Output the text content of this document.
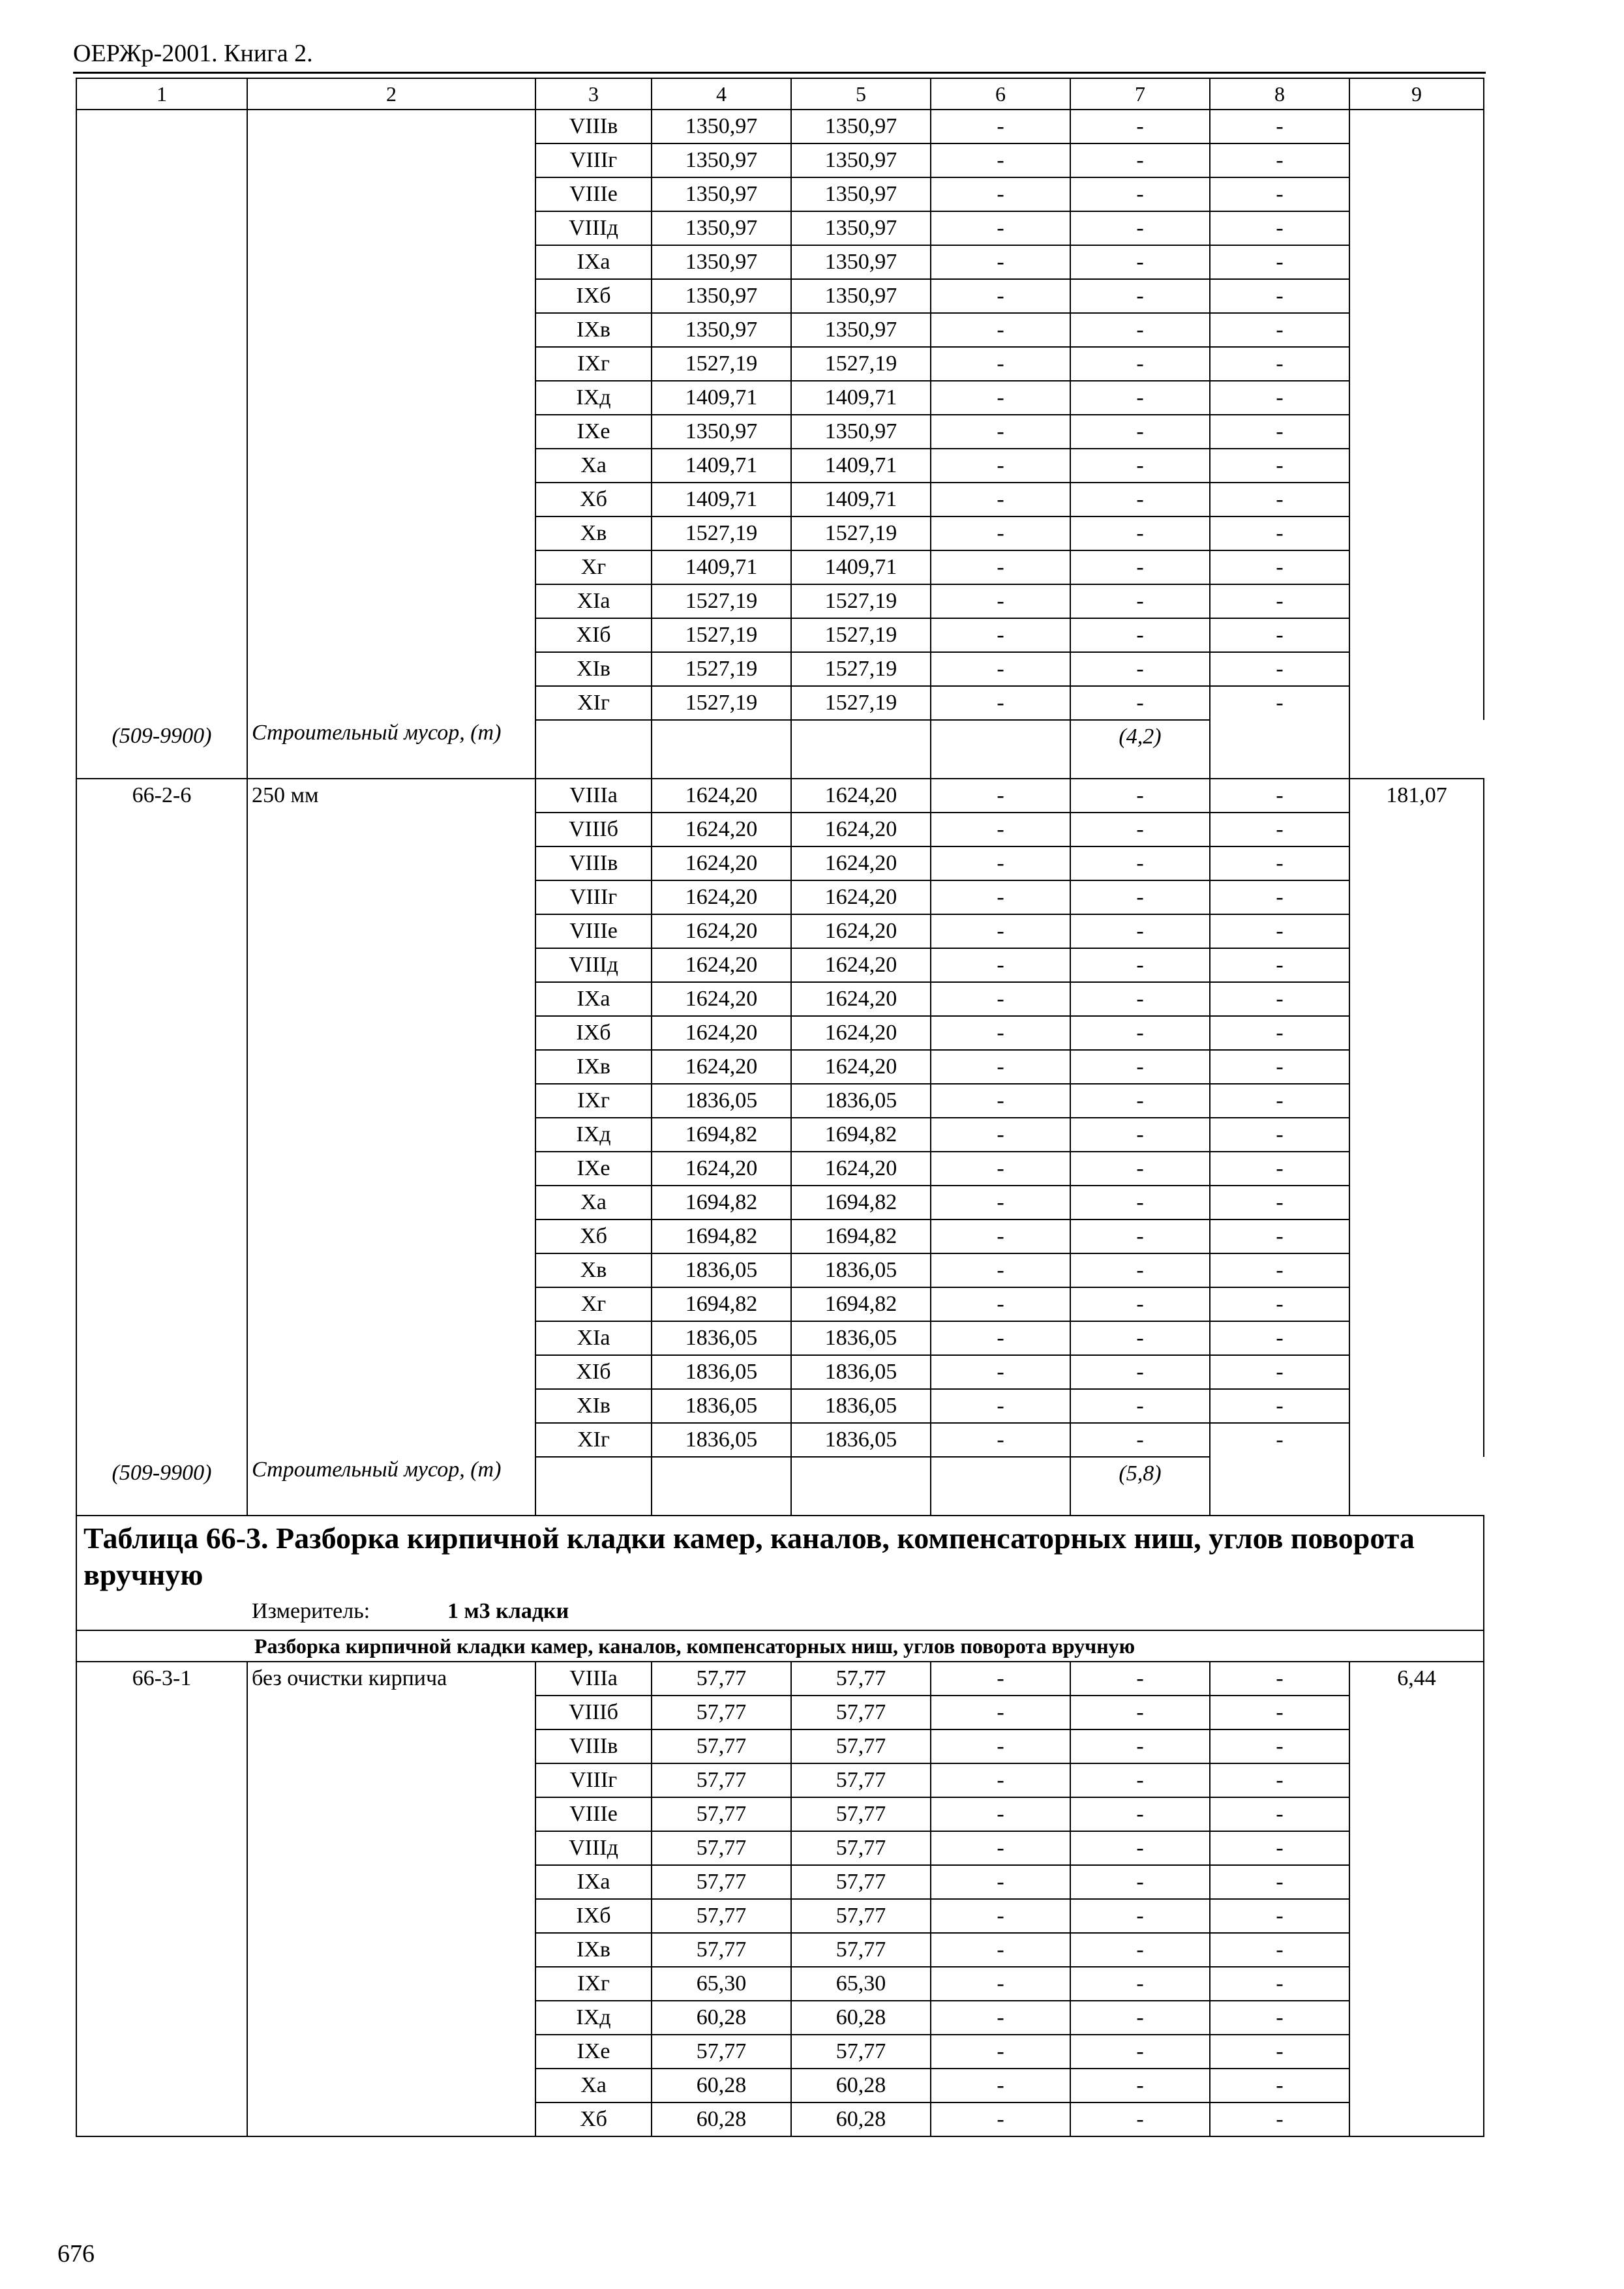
ОЕРЖр-2001. Книга 2.
1	2	3	4	5	6	7	8	9
		VIIIв	1350,97	1350,97	-	-	-	
		VIIIг	1350,97	1350,97	-	-	-	
		VIIIе	1350,97	1350,97	-	-	-	
		VIIIд	1350,97	1350,97	-	-	-	
		IXа	1350,97	1350,97	-	-	-	
		IXб	1350,97	1350,97	-	-	-	
		IXв	1350,97	1350,97	-	-	-	
		IXг	1527,19	1527,19	-	-	-	
		IXд	1409,71	1409,71	-	-	-	
		IXе	1350,97	1350,97	-	-	-	
		Xа	1409,71	1409,71	-	-	-	
		Xб	1409,71	1409,71	-	-	-	
		Xв	1527,19	1527,19	-	-	-	
		Xг	1409,71	1409,71	-	-	-	
		XIа	1527,19	1527,19	-	-	-	
		XIб	1527,19	1527,19	-	-	-	
		XIв	1527,19	1527,19	-	-	-	
		XIг	1527,19	1527,19	-	-	-	
(509-9900)	Строительный мусор, (т)					(4,2)		
66-2-6	250 мм	VIIIа	1624,20	1624,20	-	-	-	181,07
		VIIIб	1624,20	1624,20	-	-	-	
		VIIIв	1624,20	1624,20	-	-	-	
		VIIIг	1624,20	1624,20	-	-	-	
		VIIIе	1624,20	1624,20	-	-	-	
		VIIIд	1624,20	1624,20	-	-	-	
		IXа	1624,20	1624,20	-	-	-	
		IXб	1624,20	1624,20	-	-	-	
		IXв	1624,20	1624,20	-	-	-	
		IXг	1836,05	1836,05	-	-	-	
		IXд	1694,82	1694,82	-	-	-	
		IXе	1624,20	1624,20	-	-	-	
		Xа	1694,82	1694,82	-	-	-	
		Xб	1694,82	1694,82	-	-	-	
		Xв	1836,05	1836,05	-	-	-	
		Xг	1694,82	1694,82	-	-	-	
		XIа	1836,05	1836,05	-	-	-	
		XIб	1836,05	1836,05	-	-	-	
		XIв	1836,05	1836,05	-	-	-	
		XIг	1836,05	1836,05	-	-	-	
(509-9900)	Строительный мусор, (т)					(5,8)		

Таблица 66-3. Разборка кирпичной кладки камер, каналов, компенсаторных ниш, углов поворота вручную
Измеритель: 1 м3 кладки								

Разборка кирпичной кладки камер, каналов, компенсаторных ниш, углов поворота вручную								
66-3-1	без очистки кирпича	VIIIа	57,77	57,77	-	-	-	6,44
		VIIIб	57,77	57,77	-	-	-	
		VIIIв	57,77	57,77	-	-	-	
		VIIIг	57,77	57,77	-	-	-	
		VIIIе	57,77	57,77	-	-	-	
		VIIIд	57,77	57,77	-	-	-	
		IXа	57,77	57,77	-	-	-	
		IXб	57,77	57,77	-	-	-	
		IXв	57,77	57,77	-	-	-	
		IXг	65,30	65,30	-	-	-	
		IXд	60,28	60,28	-	-	-	
		IXе	57,77	57,77	-	-	-	
		Xа	60,28	60,28	-	-	-	
		Xб	60,28	60,28	-	-	-	
676
